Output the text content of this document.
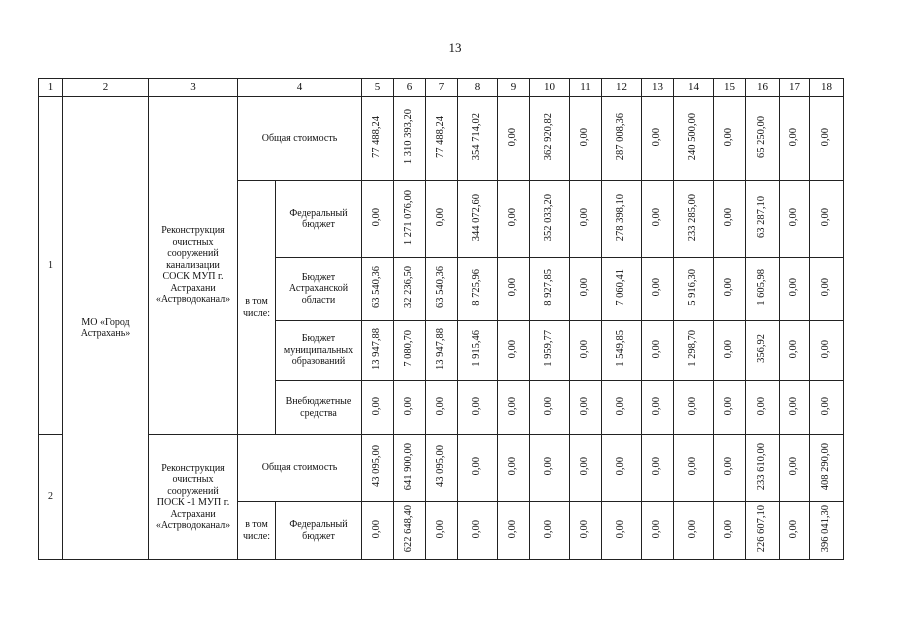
13
1	2	3	4		5	6	7	8	9	10	11	12	13	14	15	16	17	18
1	МО «Город Астрахань»	Реконструкция очистных сооружений канализации СОСК МУП г. Астрахани «Астрводоканал»	Общая стоимость		77 488,24	1 310 393,20	77 488,24	354 714,02	0,00	362 920,82	0,00	287 008,36	0,00	240 500,00	0,00	65 250,00	0,00	0,00
			в том числе:	Федеральный бюджет	0,00	1 271 076,00	0,00	344 072,60	0,00	352 033,20	0,00	278 398,10	0,00	233 285,00	0,00	63 287,10	0,00	0,00
				Бюджет Астраханской области	63 540,36	32 236,50	63 540,36	8 725,96	0,00	8 927,85	0,00	7 060,41	0,00	5 916,30	0,00	1 605,98	0,00	0,00
				Бюджет муниципальных образований	13 947,88	7 080,70	13 947,88	1 915,46	0,00	1 959,77	0,00	1 549,85	0,00	1 298,70	0,00	356,92	0,00	0,00
				Внебюджетные средства	0,00	0,00	0,00	0,00	0,00	0,00	0,00	0,00	0,00	0,00	0,00	0,00	0,00	0,00
2		Реконструкция очистных сооружений ПОСК -1 МУП г. Астрахани «Астрводоканал»	Общая стоимость		43 095,00	641 900,00	43 095,00	0,00	0,00	0,00	0,00	0,00	0,00	0,00	0,00	233 610,00	0,00	408 290,00
			в том числе:	Федеральный бюджет	0,00	622 648,40	0,00	0,00	0,00	0,00	0,00	0,00	0,00	0,00	0,00	226 607,10	0,00	396 041,30
